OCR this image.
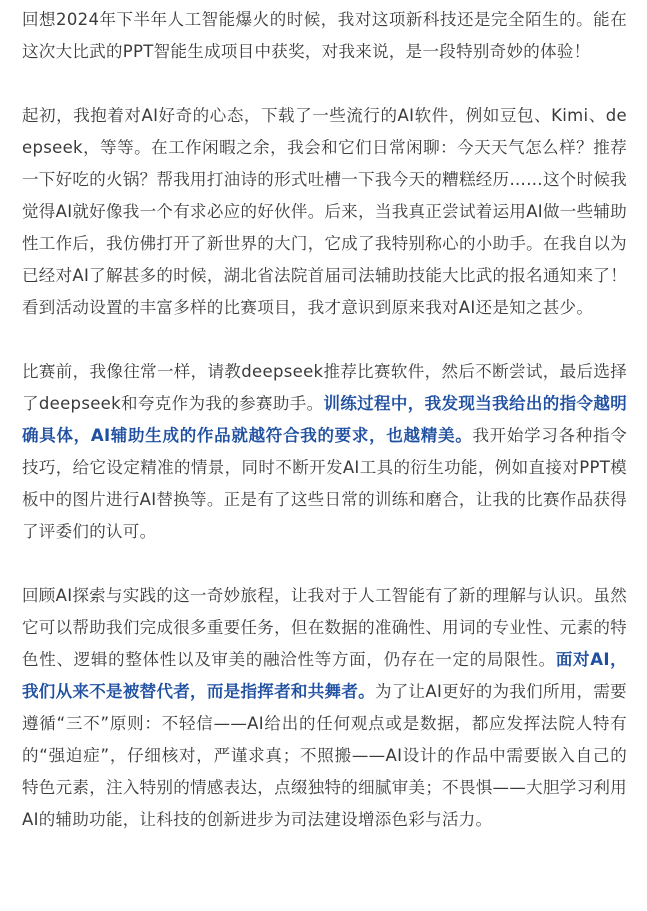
回想2024年下半年人工智能爆火的时候，我对这项新科技还是完全陌生的。能在这次大比武的PPT智能生成项目中获奖，对我来说，是一段特别奇妙的体验！

起初，我抱着对AI好奇的心态，下载了一些流行的AI软件，例如豆包、Kimi、deepseek，等等。在工作闲暇之余，我会和它们日常闲聊：今天天气怎么样？推荐一下好吃的火锅？帮我用打油诗的形式吐槽一下我今天的糟糕经历……这个时候我觉得AI就好像我一个有求必应的好伙伴。后来，当我真正尝试着运用AI做一些辅助性工作后，我仿佛打开了新世界的大门，它成了我特别称心的小助手。在我自以为已经对AI了解甚多的时候，湖北省法院首届司法辅助技能大比武的报名通知来了！看到活动设置的丰富多样的比赛项目，我才意识到原来我对AI还是知之甚少。

比赛前，我像往常一样，请教deepseek推荐比赛软件，然后不断尝试，最后选择了deepseek和夸克作为我的参赛助手。训练过程中，我发现当我给出的指令越明确具体，AI辅助生成的作品就越符合我的要求，也越精美。我开始学习各种指令技巧，给它设定精准的情景，同时不断开发AI工具的衍生功能，例如直接对PPT模板中的图片进行AI替换等。正是有了这些日常的训练和磨合，让我的比赛作品获得了评委们的认可。

回顾AI探索与实践的这一奇妙旅程，让我对于人工智能有了新的理解与认识。虽然它可以帮助我们完成很多重要任务，但在数据的准确性、用词的专业性、元素的特色性、逻辑的整体性以及审美的融洽性等方面，仍存在一定的局限性。面对AI，我们从来不是被替代者，而是指挥者和共舞者。为了让AI更好的为我们所用，需要遵循“三不”原则：不轻信——AI给出的任何观点或是数据，都应发挥法院人特有的“强迫症”，仔细核对，严谨求真；不照搬——AI设计的作品中需要嵌入自己的特色元素，注入特别的情感表达，点缀独特的细腻审美；不畏惧——大胆学习利用AI的辅助功能，让科技的创新进步为司法建设增添色彩与活力。
